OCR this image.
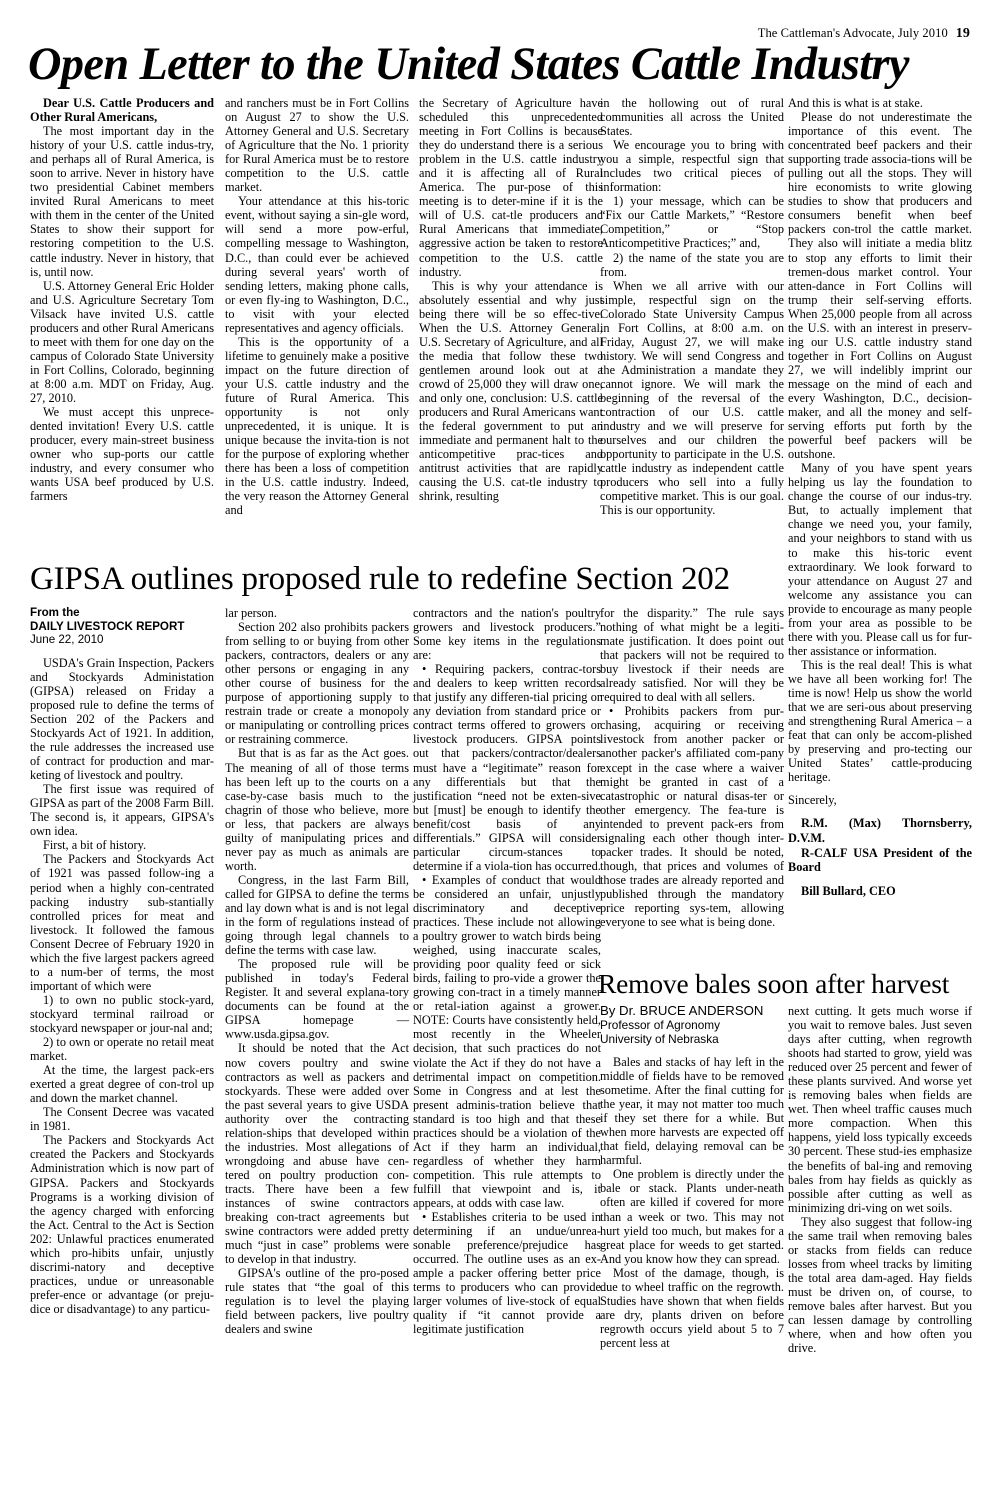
The Cattleman's Advocate, July 2010 19
Open Letter to the United States Cattle Industry

Dear U.S. Cattle Producers and Other Rural Americans,

The most important day in the history of your U.S. cattle indus-try, and perhaps all of Rural America, is soon to arrive. Never in history have two presidential Cabinet members invited Rural Americans to meet with them in the center of the United States to show their support for restoring competition to the U.S. cattle industry. Never in history, that is, until now.

U.S. Attorney General Eric Holder and U.S. Agriculture Secretary Tom Vilsack have invited U.S. cattle producers and other Rural Americans to meet with them for one day on the campus of Colorado State University in Fort Collins, Colorado, beginning at 8:00 a.m. MDT on Friday, Aug. 27, 2010.

We must accept this unprece-dented invitation! Every U.S. cattle producer, every main-street business owner who sup-ports our cattle industry, and every consumer who wants USA beef produced by U.S. farmers

and ranchers must be in Fort Collins on August 27 to show the U.S. Attorney General and U.S. Secretary of Agriculture that the No. 1 priority for Rural America must be to restore competition to the U.S. cattle market.

Your attendance at this his-toric event, without saying a sin-gle word, will send a more pow-erful, compelling message to Washington, D.C., than could ever be achieved during several years' worth of sending letters, making phone calls, or even fly-ing to Washington, D.C., to visit with your elected representatives and agency officials.

This is the opportunity of a lifetime to genuinely make a positive impact on the future direction of your U.S. cattle industry and the future of Rural America. This opportunity is not only unprecedented, it is unique. It is unique because the invita-tion is not for the purpose of exploring whether there has been a loss of competition in the U.S. cattle industry. Indeed, the very reason the Attorney General and

the Secretary of Agriculture have scheduled this unprecedented meeting in Fort Collins is because they do understand there is a serious problem in the U.S. cattle industry and it is affecting all of Rural America. The pur-pose of this meeting is to deter-mine if it is the will of U.S. cat-tle producers and Rural Americans that immediate, aggressive action be taken to restore competition to the U.S. cattle industry.

This is why your attendance is absolutely essential and why just being there will be so effec-tive. When the U.S. Attorney General, U.S. Secretary of Agriculture, and all the media that follow these two gentlemen around look out at a crowd of 25,000 they will draw one, and only one, conclusion: U.S. cattle producers and Rural Americans want the federal government to put an immediate and permanent halt to the anticompetitive prac-tices and antitrust activities that are rapidly causing the U.S. cat-tle industry to shrink, resulting

in the hollowing out of rural communities all across the United States.

We encourage you to bring with you a simple, respectful sign that includes two critical pieces of information:

1) your message, which can be “Fix our Cattle Markets,” “Restore Competition,” or “Stop Anticompetitive Practices;” and,

2) the name of the state you are from.

When we all arrive with our simple, respectful sign on the Colorado State University Campus in Fort Collins, at 8:00 a.m. on Friday, August 27, we will make history. We will send Congress and the Administration a mandate they cannot ignore. We will mark the beginning of the reversal of the contraction of our U.S. cattle industry and we will preserve for ourselves and our children the opportunity to participate in the U.S. cattle industry as independent cattle producers who sell into a fully competitive market. This is our goal. This is our opportunity.

And this is what is at stake.

Please do not underestimate the importance of this event. The concentrated beef packers and their supporting trade associa-tions will be pulling out all the stops. They will hire economists to write glowing studies to show that producers and consumers benefit when beef packers con-trol the cattle market. They also will initiate a media blitz to stop any efforts to limit their tremen-dous market control. Your atten-dance in Fort Collins will trump their self-serving efforts. When 25,000 people from all across the U.S. with an interest in preserv-ing our U.S. cattle industry stand together in Fort Collins on August 27, we will indelibly imprint our message on the mind of each and every Washington, D.C., decision-maker, and all the money and self-serving efforts put forth by the powerful beef packers will be outshone.

Many of you have spent years helping us lay the foundation to change the course of our indus-try. But, to actually implement that change we need you, your family, and your neighbors to stand with us to make this his-toric event extraordinary. We look forward to your attendance on August 27 and welcome any assistance you can provide to encourage as many people from your area as possible to be there with you. Please call us for fur-ther assistance or information.

This is the real deal! This is what we have all been working for! The time is now! Help us show the world that we are seri-ous about preserving and strengthening Rural America – a feat that can only be accom-plished by preserving and pro-tecting our United States’ cattle-producing heritage.

Sincerely,

R.M. (Max) Thornsberry, D.V.M.

R-CALF USA President of the Board

Bill Bullard, CEO

GIPSA outlines proposed rule to redefine Section 202
From the
DAILY LIVESTOCK REPORT
June 22, 2010

USDA's Grain Inspection, Packers and Stockyards Administation (GIPSA) released on Friday a proposed rule to define the terms of Section 202 of the Packers and Stockyards Act of 1921. In addition, the rule addresses the increased use of contract for production and mar-keting of livestock and poultry.

The first issue was required of GIPSA as part of the 2008 Farm Bill. The second is, it appears, GIPSA's own idea.

First, a bit of history.

The Packers and Stockyards Act of 1921 was passed follow-ing a period when a highly con-centrated packing industry sub-stantially controlled prices for meat and livestock. It followed the famous Consent Decree of February 1920 in which the five largest packers agreed to a num-ber of terms, the most important of which were

1) to own no public stock-yard, stockyard terminal railroad or stockyard newspaper or jour-nal and;

2) to own or operate no retail meat market.

At the time, the largest pack-ers exerted a great degree of con-trol up and down the market channel.

The Consent Decree was vacated in 1981.

The Packers and Stockyards Act created the Packers and Stockyards Administration which is now part of GIPSA. Packers and Stockyards Programs is a working division of the agency charged with enforcing the Act. Central to the Act is Section 202: Unlawful practices enumerated which pro-hibits unfair, unjustly discrimi-natory and deceptive practices, undue or unreasonable prefer-ence or advantage (or preju-dice or disadvantage) to any particu-

lar person.

Section 202 also prohibits packers from selling to or buying from other packers, contractors, dealers or any other persons or engaging in any other course of business for the purpose of apportioning supply to restrain trade or create a monopoly or manipulating or controlling prices or restraining commerce.

But that is as far as the Act goes. The meaning of all of those terms has been left up to the courts on a case-by-case basis much to the chagrin of those who believe, more or less, that packers are always guilty of manipulating prices and never pay as much as animals are worth.

Congress, in the last Farm Bill, called for GIPSA to define the terms and lay down what is and is not legal in the form of regulations instead of going through legal channels to define the terms with case law.

The proposed rule will be published in today's Federal Register. It and several explana-tory documents can be found at the GIPSA homepage — www.usda.gipsa.gov.

It should be noted that the Act now covers poultry and swine contractors as well as packers and stockyards. These were added over the past several years to give USDA authority over the contracting relation-ships that developed within the industries. Most allegations of wrongdoing and abuse have cen-tered on poultry production con-tracts. There have been a few instances of swine contractors breaking con-tract agreements but swine contractors were added pretty much “just in case” problems were to develop in that industry.

GIPSA's outline of the pro-posed rule states that “the goal of this regulation is to level the playing field between packers, live poultry dealers and swine

contractors and the nation's poultry growers and livestock producers.” Some key items in the regulations are:

• Requiring packers, contrac-tors and dealers to keep written records that justify any differen-tial pricing or any deviation from standard price or contract terms offered to growers or livestock producers. GIPSA points out that packers/contractor/dealers must have a “legitimate” reason for any differentials but that the justification “need not be exten-sive but [must] be enough to identify the benefit/cost basis of any differentials.” GIPSA will consider particular circum-stances to determine if a viola-tion has occurred.

• Examples of conduct that would be considered an unfair, unjustly discriminatory and deceptive practices. These include not allowing a poultry grower to watch birds being weighed, using inaccurate scales, providing poor quality feed or sick birds, failing to pro-vide a grower the growing con-tract in a timely manner or retal-iation against a grower. NOTE: Courts have consistently held, most recently in the Wheeler decision, that such practices do not violate the Act if they do not have a detrimental impact on competition. Some in Congress and at lest the present adminis-tration believe that standard is too high and that these practices should be a violation of the Act if they harm an individual, regardless of whether they harm competition. This rule attempts to fulfill that viewpoint and is, it appears, at odds with case law.

• Establishes criteria to be used in determining if an undue/unrea-sonable preference/prejudice has occurred. The outline uses as an ex-ample a packer offering better price terms to producers who can provide larger volumes of live-stock of equal quality if “it cannot provide a legitimate justification

for the disparity.” The rule says nothing of what might be a legiti-mate justification. It does point out that packers will not be required to buy livestock if their needs are already satisfied. Nor will they be required to deal with all sellers.

• Prohibits packers from pur-chasing, acquiring or receiving livestock from another packer or another packer's affiliated com-pany except in the case where a waiver might be granted in cast of a catastrophic or natural disas-ter or other emergency. The fea-ture is intended to prevent pack-ers from signaling each other though inter-packer trades. It should be noted, though, that prices and volumes of those trades are already reported and published through the mandatory price reporting sys-tem, allowing everyone to see what is being done.

Remove bales soon after harvest
By Dr. BRUCE ANDERSON
Professor of Agronomy
University of Nebraska

Bales and stacks of hay left in the middle of fields have to be removed sometime. After the final cutting for the year, it may not matter too much if they set there for a while. But when more harvests are expected off that field, delaying removal can be harmful.

One problem is directly under the bale or stack. Plants under-neath often are killed if covered for more than a week or two. This may not hurt yield too much, but makes for a great place for weeds to get started. And you know how they can spread.

Most of the damage, though, is due to wheel traffic on the regrowth. Studies have shown that when fields are dry, plants driven on before regrowth occurs yield about 5 to 7 percent less at

next cutting. It gets much worse if you wait to remove bales. Just seven days after cutting, when regrowth shoots had started to grow, yield was reduced over 25 percent and fewer of these plants survived. And worse yet is removing bales when fields are wet. Then wheel traffic causes much more compaction. When this happens, yield loss typically exceeds 30 percent. These stud-ies emphasize the benefits of bal-ing and removing bales from hay fields as quickly as possible after cutting as well as minimizing dri-ving on wet soils.

They also suggest that follow-ing the same trail when removing bales or stacks from fields can reduce losses from wheel tracks by limiting the total area dam-aged. Hay fields must be driven on, of course, to remove bales after harvest. But you can lessen damage by controlling where, when and how often you drive.
